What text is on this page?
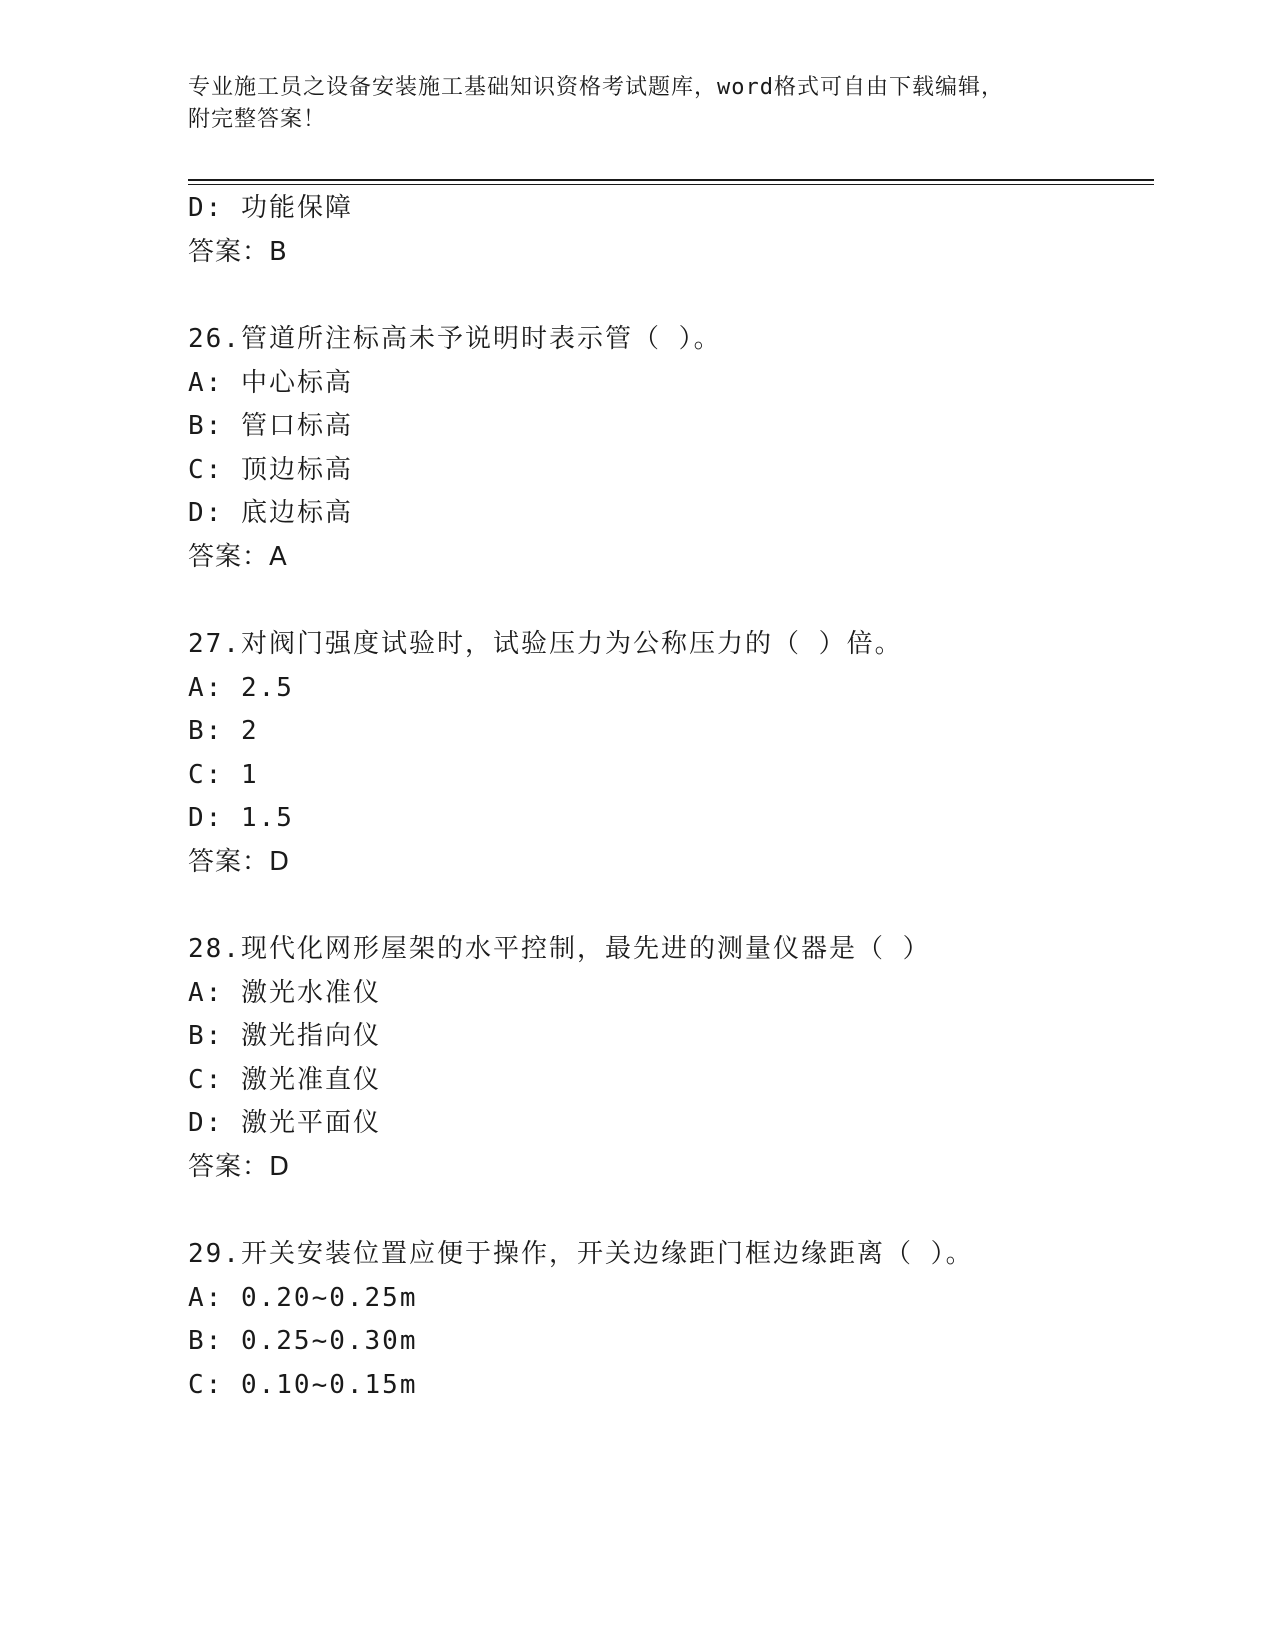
专业施工员之设备安装施工基础知识资格考试题库，word格式可自由下载编辑，
附完整答案！
D: 功能保障
答案：B
26.管道所注标高未予说明时表示管（ ）。
A: 中心标高
B: 管口标高
C: 顶边标高
D: 底边标高
答案：A
27.对阀门强度试验时，试验压力为公称压力的（ ）倍。
A: 2.5
B: 2
C: 1
D: 1.5
答案：D
28.现代化网形屋架的水平控制，最先进的测量仪器是（ ）
A: 激光水准仪
B: 激光指向仪
C: 激光准直仪
D: 激光平面仪
答案：D
29.开关安装位置应便于操作，开关边缘距门框边缘距离（ ）。
A: 0.20~0.25m
B: 0.25~0.30m
C: 0.10~0.15m
